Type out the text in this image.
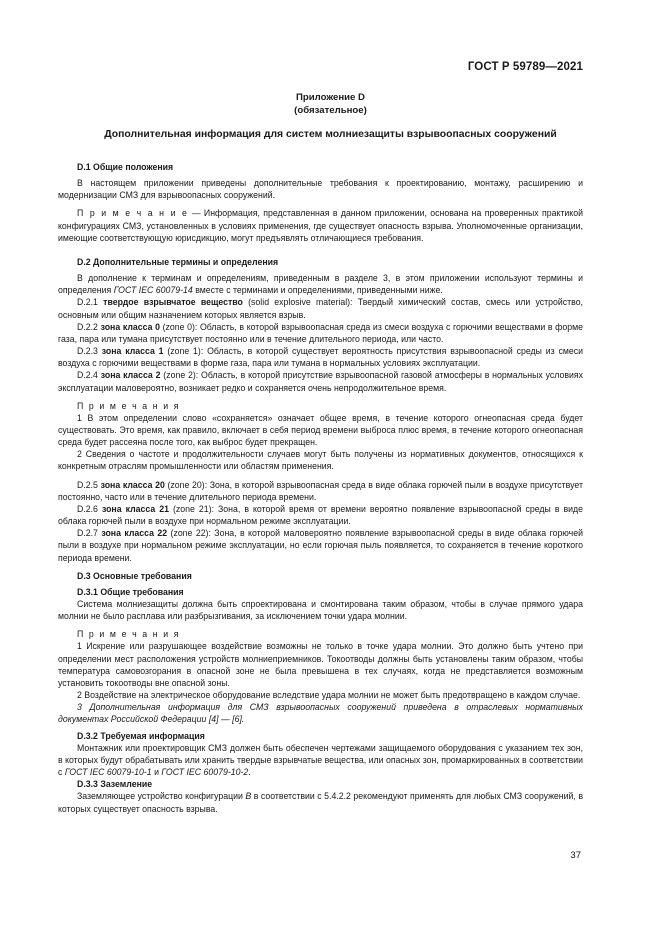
ГОСТ Р 59789—2021
Приложение D
(обязательное)
Дополнительная информация для систем молниезащиты взрывоопасных сооружений

D.1 Общие положения

В настоящем приложении приведены дополнительные требования к проектированию, монтажу, расширению и модернизации СМЗ для взрывоопасных сооружений.

П р и м е ч а н и е — Информация, представленная в данном приложении, основана на проверенных практикой конфигурациях СМЗ, установленных в условиях применения, где существует опасность взрыва. Уполномоченные организации, имеющие соответствующую юрисдикцию, могут предъявлять отличающиеся требования.

D.2 Дополнительные термины и определения

В дополнение к терминам и определениям, приведенным в разделе 3, в этом приложении используют термины и определения ГОСТ IEC 60079-14 вместе с терминами и определениями, приведенными ниже.

D.2.1 твердое взрывчатое вещество (solid explosive material): Твердый химический состав, смесь или устройство, основным или общим назначением которых является взрыв.

D.2.2 зона класса 0 (zone 0): Область, в которой взрывоопасная среда из смеси воздуха с горючими веществами в форме газа, пара или тумана присутствует постоянно или в течение длительного периода, или часто.

D.2.3 зона класса 1 (zone 1): Область, в которой существует вероятность присутствия взрывоопасной среды из смеси воздуха с горючими веществами в форме газа, пара или тумана в нормальных условиях эксплуатации.

D.2.4 зона класса 2 (zone 2): Область, в которой присутствие взрывоопасной газовой атмосферы в нормальных условиях эксплуатации маловероятно, возникает редко и сохраняется очень непродолжительное время.

П р и м е ч а н и я

1 В этом определении слово «сохраняется» означает общее время, в течение которого огнеопасная среда будет существовать. Это время, как правило, включает в себя период времени выброса плюс время, в течение которого огнеопасная среда будет рассеяна после того, как выброс будет прекращен.

2 Сведения о частоте и продолжительности случаев могут быть получены из нормативных документов, относящихся к конкретным отраслям промышленности или областям применения.

D.2.5 зона класса 20 (zone 20): Зона, в которой взрывоопасная среда в виде облака горючей пыли в воздухе присутствует постоянно, часто или в течение длительного периода времени.

D.2.6 зона класса 21 (zone 21): Зона, в которой время от времени вероятно появление взрывоопасной среды в виде облака горючей пыли в воздухе при нормальном режиме эксплуатации.

D.2.7 зона класса 22 (zone 22): Зона, в которой маловероятно появление взрывоопасной среды в виде облака горючей пыли в воздухе при нормальном режиме эксплуатации, но если горючая пыль появляется, то сохраняется в течение короткого периода времени.

D.3 Основные требования

D.3.1 Общие требования

Система молниезащиты должна быть спроектирована и смонтирована таким образом, чтобы в случае прямого удара молнии не было расплава или разбрызгивания, за исключением точки удара молнии.

П р и м е ч а н и я

1 Искрение или разрушающее воздействие возможны не только в точке удара молнии. Это должно быть учтено при определении мест расположения устройств молниеприемников. Токоотводы должны быть установлены таким образом, чтобы температура самовозгорания в опасной зоне не была превышена в тех случаях, когда не представляется возможным установить токоотводы вне опасной зоны.

2 Воздействие на электрическое оборудование вследствие удара молнии не может быть предотвращено в каждом случае.

3 Дополнительная информация для СМЗ взрывоопасных сооружений приведена в отраслевых нормативных документах Российской Федерации [4] — [6].

D.3.2 Требуемая информация

Монтажник или проектировщик СМЗ должен быть обеспечен чертежами защищаемого оборудования с указанием тех зон, в которых будут обрабатывать или хранить твердые взрывчатые вещества, или опасных зон, промаркированных в соответствии с ГОСТ IEC 60079-10-1 и ГОСТ IEC 60079-10-2.

D.3.3 Заземление

Заземляющее устройство конфигурации В в соответствии с 5.4.2.2 рекомендуют применять для любых СМЗ сооружений, в которых существует опасность взрыва.

37
